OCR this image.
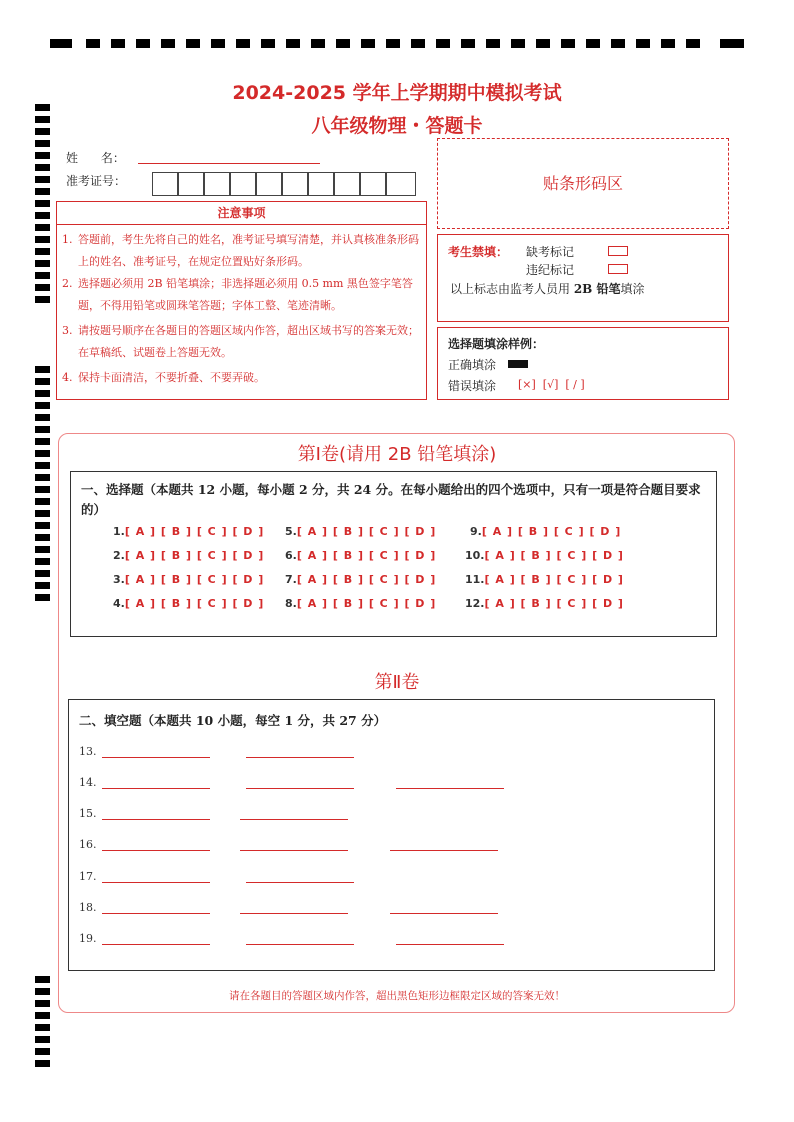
2024-2025 学年上学期期中模拟考试
八年级物理・答题卡
姓      名：
准考证号：	贴条形码区
注意事项
1. 答题前，考生先将自己的姓名，准考证号填写清楚，并认真核准条形码上的姓名、准考证号，在规定位置贴好条形码。
2. 选择题必须用 2B 铅笔填涂；非选择题必须用 0.5 mm 黑色签字笔答题，不得用铅笔或圆珠笔答题；字体工整、笔迹清晰。
3. 请按题号顺序在各题目的答题区域内作答，超出区域书写的答案无效；在草稿纸、试题卷上答题无效。
4. 保持卡面清洁，不要折叠、不要弄破。
考生禁填： 缺考标记
违纪标记
以上标志由监考人员用 2B 铅笔填涂
选择题填涂样例：
正确填涂
错误填涂 [×]  [√]  [ / ]
第Ⅰ卷(请用 2B 铅笔填涂)
一、选择题（本题共 12 小题，每小题 2 分，共 24 分。在每小题给出的四个选项中，只有一项是符合题目要求的）
1.[ A ] [ B ] [ C ] [ D ]
2.[ A ] [ B ] [ C ] [ D ]
3.[ A ] [ B ] [ C ] [ D ]
4.[ A ] [ B ] [ C ] [ D ]
5.[ A ] [ B ] [ C ] [ D ]
6.[ A ] [ B ] [ C ] [ D ]
7.[ A ] [ B ] [ C ] [ D ]
8.[ A ] [ B ] [ C ] [ D ]
9.[ A ] [ B ] [ C ] [ D ]
10.[ A ] [ B ] [ C ] [ D ]
11.[ A ] [ B ] [ C ] [ D ]
12.[ A ] [ B ] [ C ] [ D ]
第Ⅱ卷
二、填空题（本题共 10 小题，每空 1 分，共 27 分）
13.
14.
15.
16.
17.
18.
19.
请在各题目的答题区域内作答，超出黑色矩形边框限定区域的答案无效！
